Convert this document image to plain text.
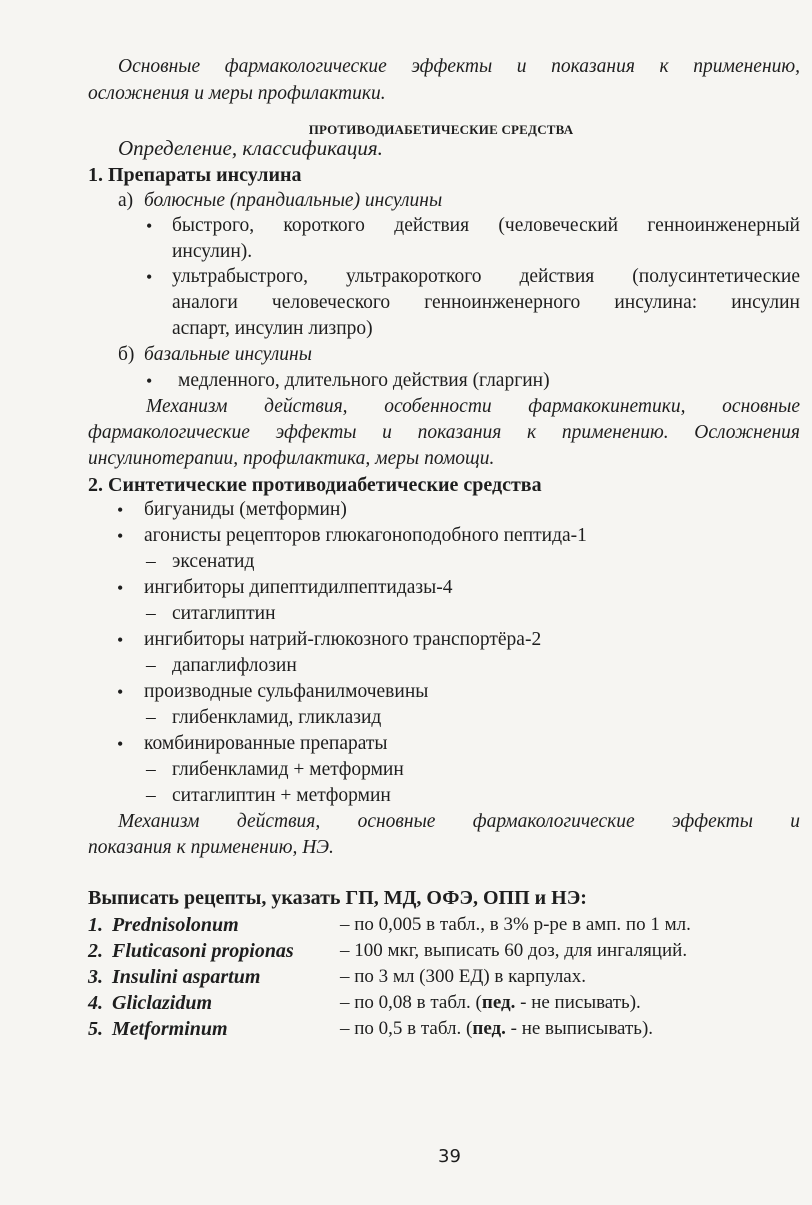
Основные фармакологические эффекты и показания к применению,
осложнения и меры профилактики.
ПРОТИВОДИАБЕТИЧЕСКИЕ СРЕДСТВА
Определение, классификация.
1. Препараты инсулина
а) болюсные (прандиальные) инсулины
• быстрого, короткого действия (человеческий генноинженерный
инсулин).
• ультрабыстрого, ультракороткого действия (полусинтетические
аналоги человеческого генноинженерного инсулина: инсулин
аспарт, инсулин лизпро)
б) базальные инсулины
• медленного, длительного действия (гларгин)
Механизм действия, особенности фармакокинетики, основные
фармакологические эффекты и показания к применению. Осложнения
инсулинотерапии, профилактика, меры помощи.
2. Синтетические противодиабетические средства
• бигуаниды (метформин)
• агонисты рецепторов глюкагоноподобного пептида-1
– эксенатид
• ингибиторы дипептидилпептидазы-4
– ситаглиптин
• ингибиторы натрий-глюкозного транспортёра-2
– дапаглифлозин
• производные сульфанилмочевины
– глибенкламид, гликлазид
• комбинированные препараты
– глибенкламид + метформин
– ситаглиптин + метформин
Механизм действия, основные фармакологические эффекты и
показания к применению, НЭ.
Выписать рецепты, указать ГП, МД, ОФЭ, ОПП и НЭ:
1. Prednisolonum	– по 0,005 в табл., в 3% р-ре в амп. по 1 мл.
2. Fluticasoni propionas – 100 мкг, выписать 60 доз, для ингаляций.
3. Insulini aspartum	– по 3 мл (300 ЕД) в карпулах.
4. Gliclazidum	– по 0,08 в табл. (пед. - не писывать).
5. Metforminum	– по 0,5 в табл. (пед. - не выписывать).
39
